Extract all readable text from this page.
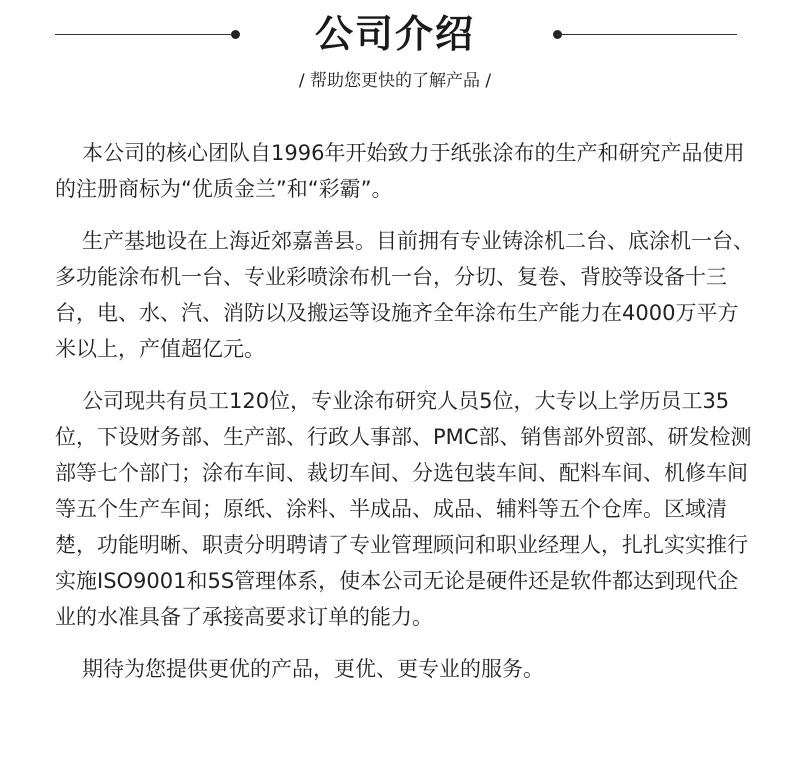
公司介绍
/ 帮助您更快的了解产品 /

本公司的核心团队自1996年开始致力于纸张涂布的生产和研究产品使用的注册商标为“优质金兰”和“彩霸”。

生产基地设在上海近郊嘉善县。目前拥有专业铸涂机二台、底涂机一台、多功能涂布机一台、专业彩喷涂布机一台，分切、复卷、背胶等设备十三台，电、水、汽、消防以及搬运等设施齐全年涂布生产能力在4000万平方米以上，产值超亿元。

公司现共有员工120位，专业涂布研究人员5位，大专以上学历员工35位，下设财务部、生产部、行政人事部、PMC部、销售部外贸部、研发检测部等七个部门；涂布车间、裁切车间、分选包装车间、配料车间、机修车间等五个生产车间；原纸、涂料、半成品、成品、辅料等五个仓库。区域清楚，功能明晰、职责分明聘请了专业管理顾问和职业经理人，扎扎实实推行实施ISO9001和5S管理体系，使本公司无论是硬件还是软件都达到现代企业的水准具备了承接高要求订单的能力。

期待为您提供更优的产品，更优、更专业的服务。
